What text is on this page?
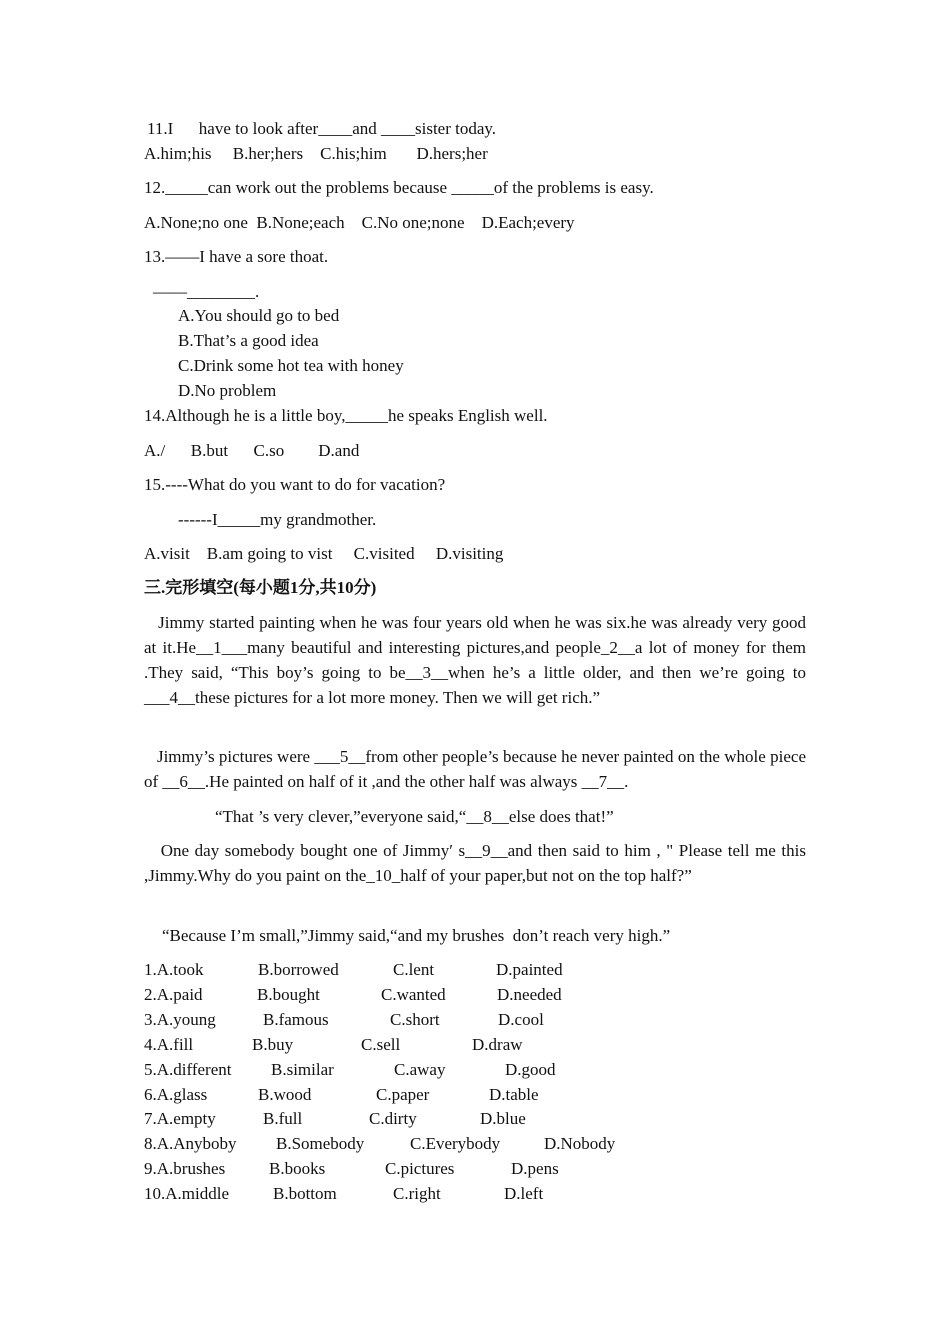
11.I      have to look after____and ____sister today.
A.him;his     B.her;hers    C.his;him       D.hers;her
12._____can work out the problems because _____of the problems is easy.
A.None;no one  B.None;each    C.No one;none    D.Each;every
13.——I have a sore thoat.
——________.
A.You should go to bed
B.That’s a good idea
C.Drink some hot tea with honey
D.No problem
14.Although he is a little boy,_____he speaks English well.
A./      B.but      C.so        D.and
15.----What do you want to do for vacation?
------I_____my grandmother.
A.visit    B.am going to vist     C.visited     D.visiting
三.完形填空(每小题1分,共10分)
Jimmy started painting when he was four years old when he was six.he was already very good at it.He__1___many beautiful and interesting pictures,and people_2__a lot of money for them .They said, “This boy’s going to be__3__when he’s a little older, and then we’re going to ___4__these pictures for a lot more money. Then we will get rich.”
Jimmy’s pictures were ___5__from other people’s because he never painted on the whole piece of __6__.He painted on half of it ,and the other half was always __7__.
“That ’s very clever,”everyone said,“__8__else does that!”
One day somebody bought one of Jimmy′ s__9__and then said to him , " Please tell me this ,Jimmy.Why do you paint on the_10_half of your paper,but not on the top half?”
“Because I’m small,”Jimmy said,“and my brushes  don’t reach very high.”
1.A.took	B.borrowed	C.lent	D.painted
2.A.paid	B.bought	C.wanted	D.needed
3.A.young	B.famous	C.short	D.cool
4.A.fill	B.buy	C.sell	D.draw
5.A.different B.similar	C.away	D.good
6.A.glass	B.wood	C.paper	D.table
7.A.empty	B.full	C.dirty	D.blue
8.A.Anyboby B.Somebody	C.Everybody	D.Nobody
9.A.brushes	B.books	C.pictures	D.pens
10.A.middle	B.bottom	C.right	D.left
